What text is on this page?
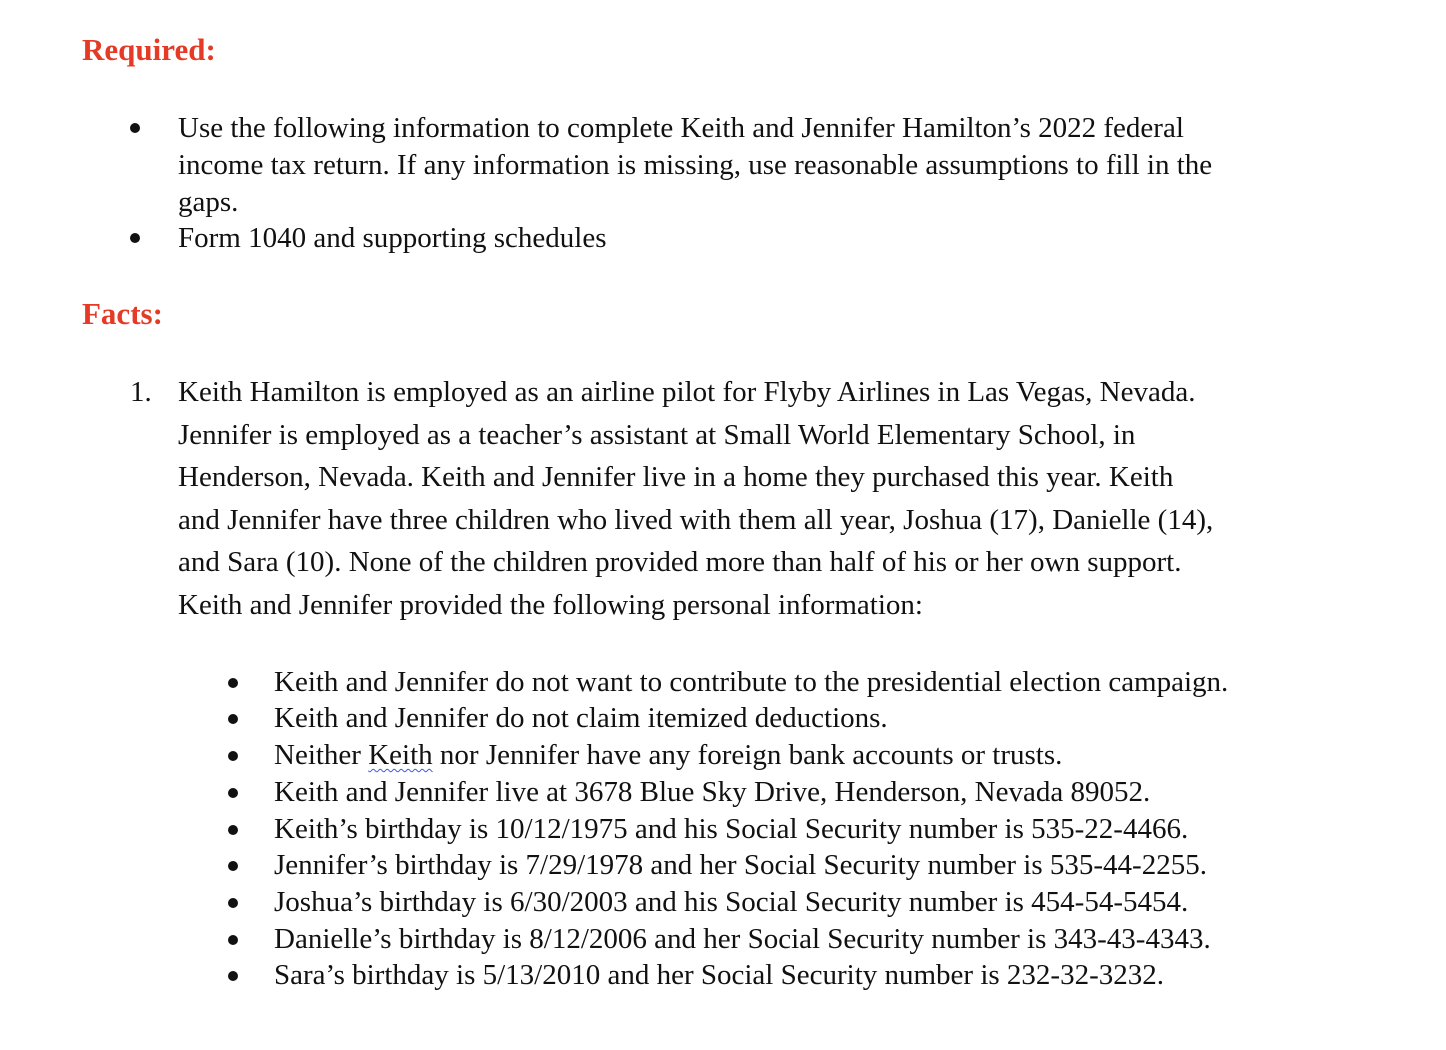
Required:
Use the following information to complete Keith and Jennifer Hamilton’s 2022 federal
income tax return. If any information is missing, use reasonable assumptions to fill in the
gaps.
Form 1040 and supporting schedules
Facts:
1. Keith Hamilton is employed as an airline pilot for Flyby Airlines in Las Vegas, Nevada.
Jennifer is employed as a teacher’s assistant at Small World Elementary School, in
Henderson, Nevada. Keith and Jennifer live in a home they purchased this year. Keith
and Jennifer have three children who lived with them all year, Joshua (17), Danielle (14),
and Sara (10). None of the children provided more than half of his or her own support.
Keith and Jennifer provided the following personal information:
Keith and Jennifer do not want to contribute to the presidential election campaign.
Keith and Jennifer do not claim itemized deductions.
Neither Keith nor Jennifer have any foreign bank accounts or trusts.
Keith and Jennifer live at 3678 Blue Sky Drive, Henderson, Nevada 89052.
Keith’s birthday is 10/12/1975 and his Social Security number is 535-22-4466.
Jennifer’s birthday is 7/29/1978 and her Social Security number is 535-44-2255.
Joshua’s birthday is 6/30/2003 and his Social Security number is 454-54-5454.
Danielle’s birthday is 8/12/2006 and her Social Security number is 343-43-4343.
Sara’s birthday is 5/13/2010 and her Social Security number is 232-32-3232.
